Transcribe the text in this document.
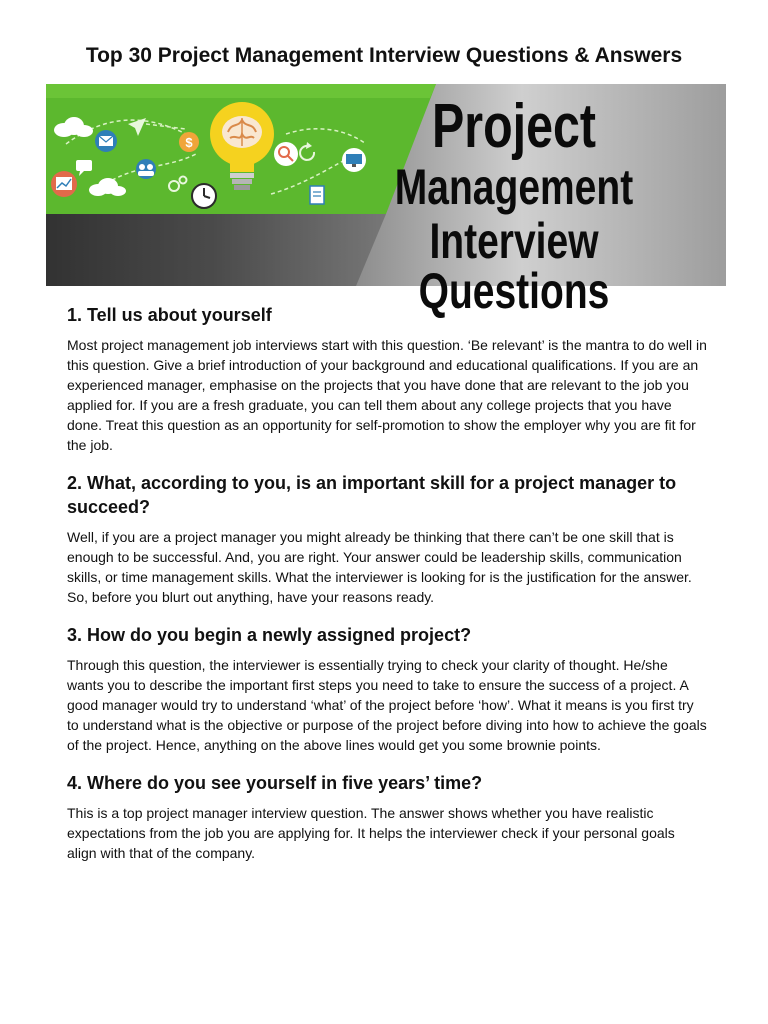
Top 30 Project Management Interview Questions & Answers
$	Project
Management
Interview Questions
1. Tell us about yourself

Most project management job interviews start with this question. ‘Be relevant’ is the mantra to do well in this question. Give a brief introduction of your background and educational qualifications. If you are an experienced manager, emphasise on the projects that you have done that are relevant to the job you applied for. If you are a fresh graduate, you can tell them about any college projects that you have done. Treat this question as an opportunity for self-promotion to show the employer why you are fit for the job.

2. What, according to you, is an important skill for a project manager to succeed?

Well, if you are a project manager you might already be thinking that there can’t be one skill that is enough to be successful. And, you are right. Your answer could be leadership skills, communication skills, or time management skills. What the interviewer is looking for is the justification for the answer. So, before you blurt out anything, have your reasons ready.

3. How do you begin a newly assigned project?

Through this question, the interviewer is essentially trying to check your clarity of thought. He/she wants you to describe the important first steps you need to take to ensure the success of a project. A good manager would try to understand ‘what’ of the project before ‘how’. What it means is you first try to understand what is the objective or purpose of the project before diving into how to achieve the goals of the project. Hence, anything on the above lines would get you some brownie points.

4. Where do you see yourself in five years’ time?

This is a top project manager interview question. The answer shows whether you have realistic expectations from the job you are applying for. It helps the interviewer check if your personal goals align with that of the company.
